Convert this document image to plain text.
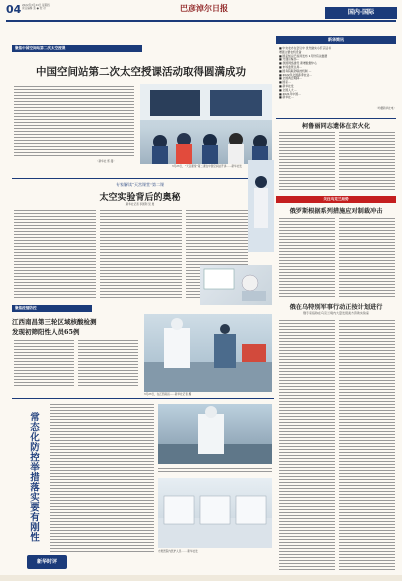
04 2022年3月24日 星期四
责任编辑 张 ● 校 对	巴彦淖尔日报	国内·国际
聚焦中国空间站第二次太空授课
中国空间站第二次太空授课活动取得圆满成功
（新华社 郑 漫）
3月23日，“天宫课堂”第二课在中国空间站开讲……新华社发
专家解读“天宫课堂”第二课
太空实验背后的奥秘
新华社记者 李国利 吴 晨
新华简讯
■ 中央农办在会议中 优先做实小打宗证书
增强主要农机设备
■ 国家知识产权局发布 1月份有关数据
■ 交通运输部…
■ 我国网络建设 新增数据中心
■ 市场监管总局…
■ 国务院联防联控机制 …
■ 2022年全国春季农业…
■ 全国两会期间…
■ 国家…
■ 新华社发
■ 全国人大…
■ 2021年中国…
■ 新华社…
（均据新华社电）
柯鲁丽同志遗体在京火化
关注乌克兰局势
俄罗斯根据系列措施应对制裁冲击
俄在乌特别军事行动正按计划进行
俄专家指称在乌克兰境内大量发现美方资助实验室
聚焦疫情防控
江西南昌第三轮区域核酸检测
发现初筛阳性人员65例
3月23日，在江西南昌……新华社记者 摄
常态化防控举措落实要有刚性
新华时评
方舱医院内医护人员…… 新华社发
